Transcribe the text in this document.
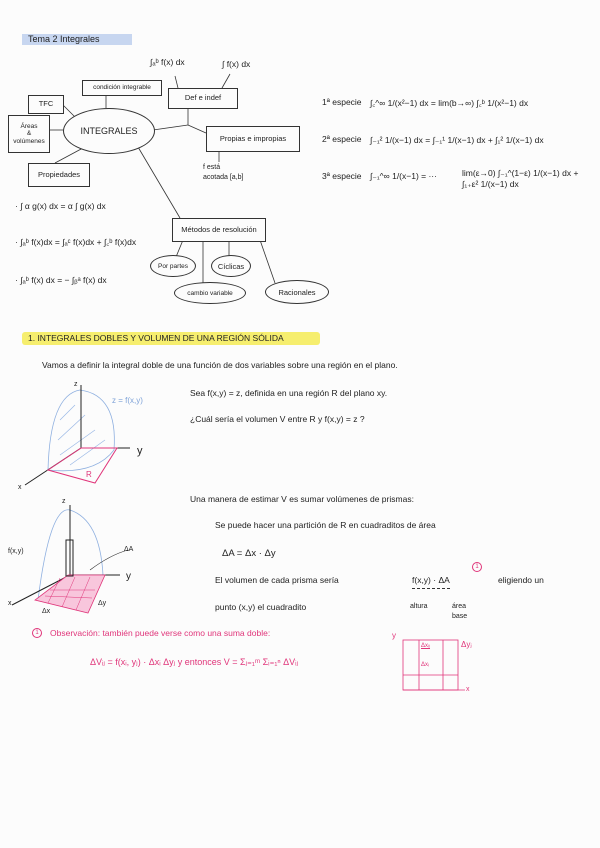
Tema 2 Integrales
∫ₐᵇ f(x) dx	∫ f(x) dx
condición integrable
Def e indef
TFC
Áreas
&
volúmenes
INTEGRALES
Propiedades
Propias e impropias
f está
acotada [a,b]
Métodos de resolución
Por partes	Cíclicas
cambio variable	Racionales
· ∫ α g(x) dx = α ∫ g(x) dx
· ∫ₐᵇ f(x)dx = ∫ₐᶜ f(x)dx + ∫꜀ᵇ f(x)dx
· ∫ₐᵇ f(x) dx = − ∫ᵦᵃ f(x) dx
1ª especie ∫꜀^∞ 1/(x²−1) dx = lim(b→∞) ∫꜀ᵇ 1/(x²−1) dx
2ª especie ∫₋₁² 1/(x−1) dx = ∫₋₁¹ 1/(x−1) dx + ∫₁² 1/(x−1) dx
3ª especie ∫₋₁^∞ 1/(x−1) = ···	lim(ε→0) ∫₋₁^(1−ε) 1/(x−1) dx + ∫₁₊ε² 1/(x−1) dx
1. INTEGRALES DOBLES Y VOLUMEN DE UNA REGIÓN SÓLIDA
Vamos a definir la integral doble de una función de dos variables sobre una región en el plano.
Sea f(x,y) = z, definida en una región R del plano xy.
¿Cuál sería el volumen V entre R y f(x,y) = z ?
z
z = f(x,y)
y
x
R
Una manera de estimar V es sumar volúmenes de prismas:
Se puede hacer una partición de R en cuadraditos de área
ΔA = Δx · Δy
El volumen de cada prisma sería	f(x,y) · ΔA
1
eligiendo un
punto (x,y) el cuadradito	altura	área
base
z
f(x,y)	ΔA
y
x
Δx
Δy
1	Observación: también puede verse como una suma doble:
ΔVᵢⱼ = f(xᵢ, yⱼ) · Δxᵢ Δyⱼ y entonces V = Σⱼ₌₁ᵐ Σᵢ₌₁ⁿ ΔVᵢⱼ
y
x
Δxᵢⱼ
Δxᵢ
Δyⱼ
